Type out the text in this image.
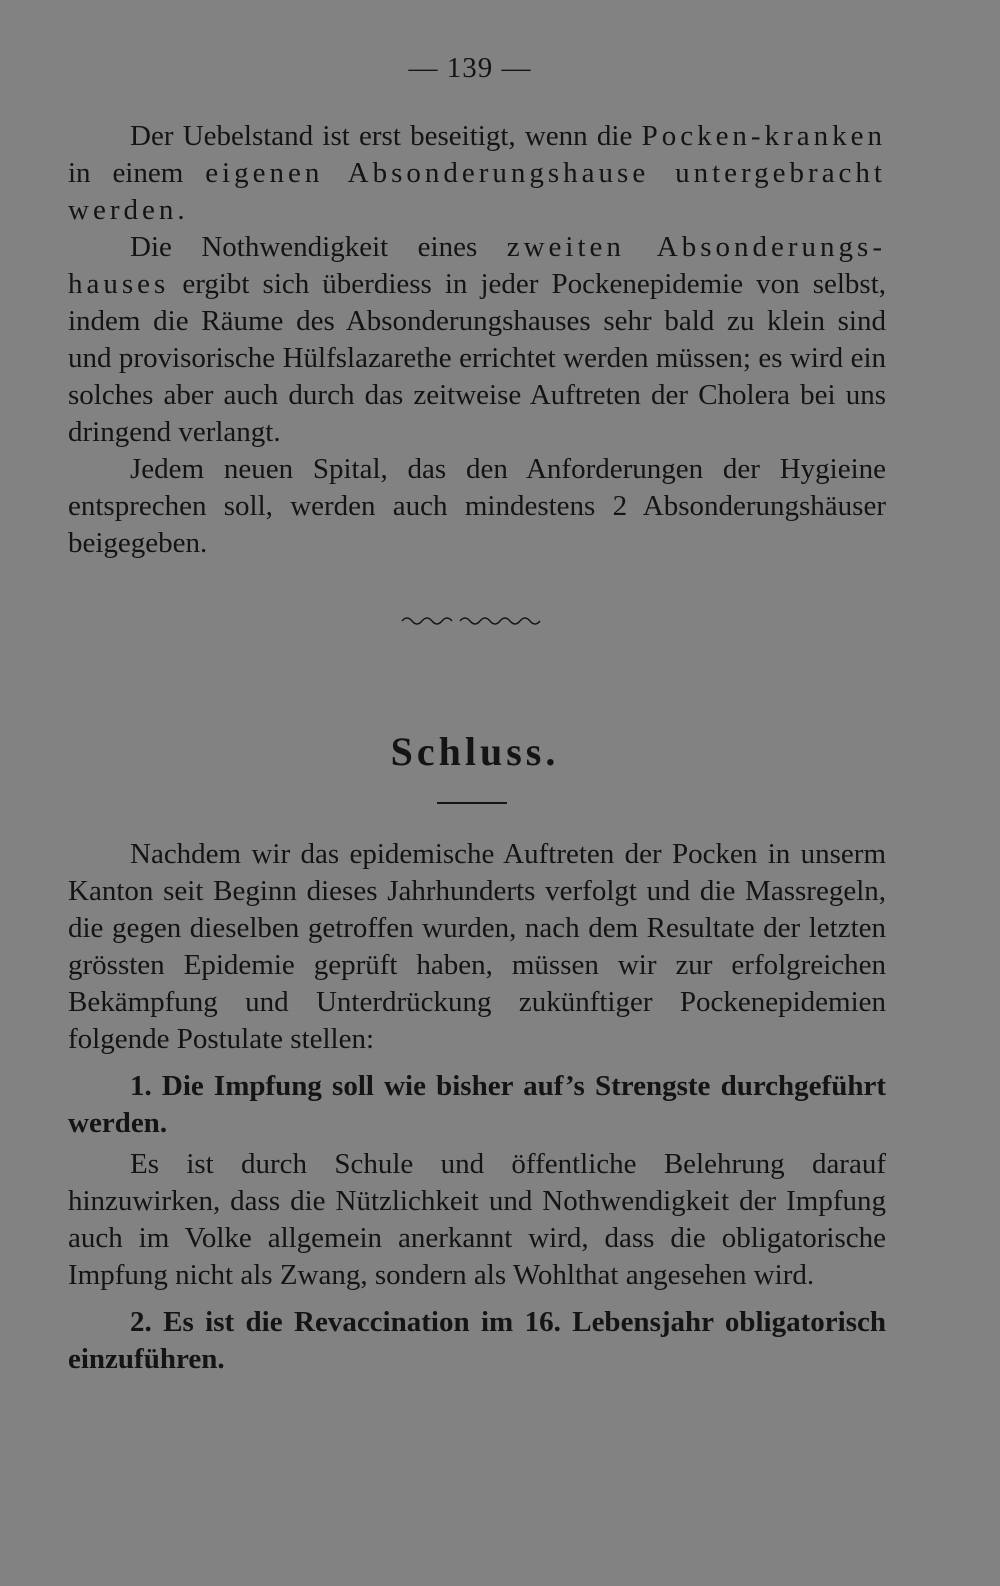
— 139 —

Der Uebelstand ist erst beseitigt, wenn die Pocken-kranken in einem eigenen Absonderungshause untergebracht werden.

Die Nothwendigkeit eines zweiten Absonderungs-hauses ergibt sich überdiess in jeder Pockenepidemie von selbst, indem die Räume des Absonderungshauses sehr bald zu klein sind und provisorische Hülfslazarethe errichtet werden müssen; es wird ein solches aber auch durch das zeitweise Auftreten der Cholera bei uns dringend verlangt.

Jedem neuen Spital, das den Anforderungen der Hygieine entsprechen soll, werden auch mindestens 2 Absonderungshäuser beigegeben.

Schluss.

Nachdem wir das epidemische Auftreten der Pocken in unserm Kanton seit Beginn dieses Jahrhunderts verfolgt und die Massregeln, die gegen dieselben getroffen wurden, nach dem Resultate der letzten grössten Epidemie geprüft haben, müssen wir zur erfolgreichen Bekämpfung und Unterdrückung zukünftiger Pockenepidemien folgende Postulate stellen:

1. Die Impfung soll wie bisher auf’s Strengste durchgeführt werden.

Es ist durch Schule und öffentliche Belehrung darauf hinzuwirken, dass die Nützlichkeit und Nothwendigkeit der Impfung auch im Volke allgemein anerkannt wird, dass die obligatorische Impfung nicht als Zwang, sondern als Wohlthat angesehen wird.

2. Es ist die Revaccination im 16. Lebensjahr obligatorisch einzuführen.
